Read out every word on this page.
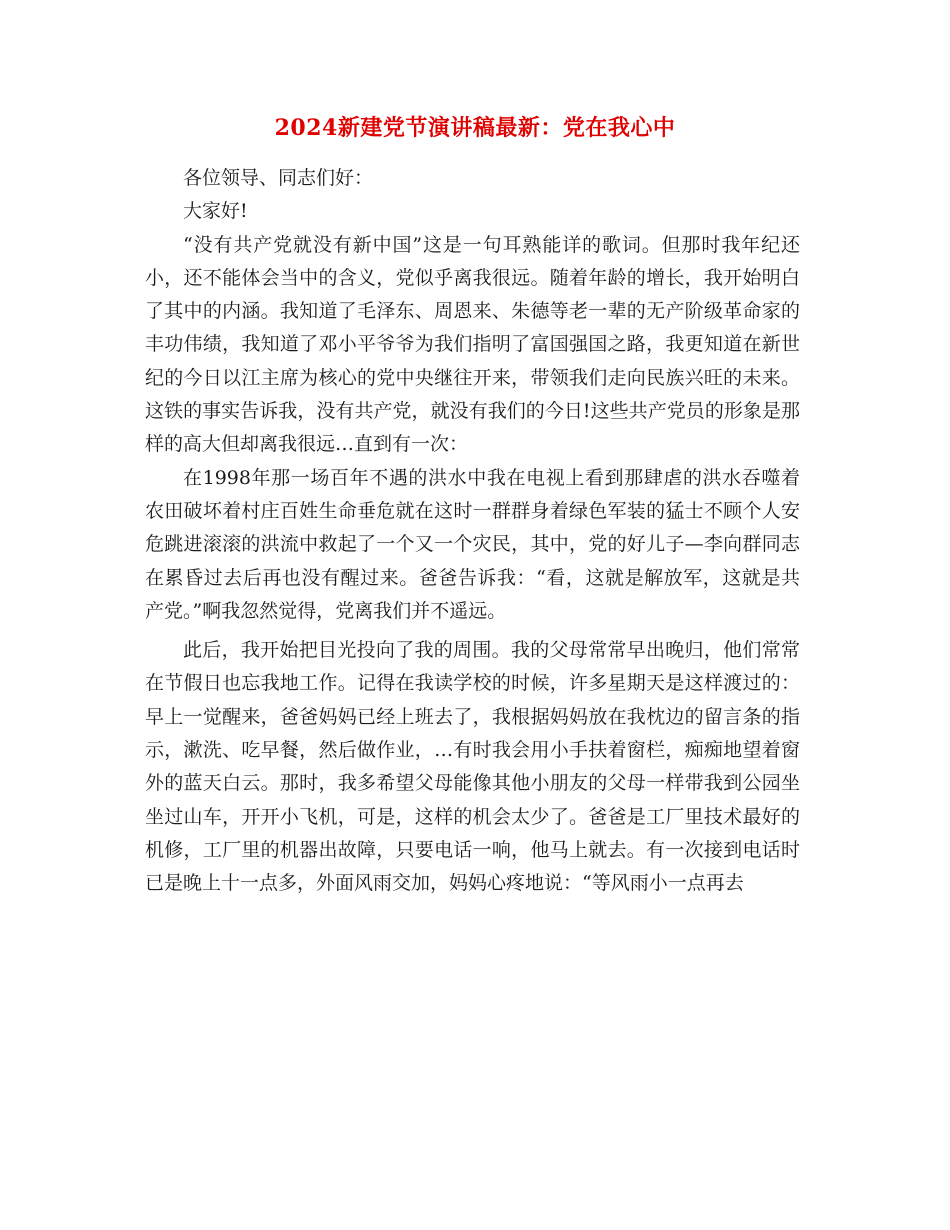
2024新建党节演讲稿最新：党在我心中

各位领导、同志们好：

大家好!

“没有共产党就没有新中国”这是一句耳熟能详的歌词。但那时我年纪还小，还不能体会当中的含义，党似乎离我很远。随着年龄的增长，我开始明白了其中的内涵。我知道了毛泽东、周恩来、朱德等老一辈的无产阶级革命家的丰功伟绩，我知道了邓小平爷爷为我们指明了富国强国之路，我更知道在新世纪的今日以江主席为核心的党中央继往开来，带领我们走向民族兴旺的未来。这铁的事实告诉我，没有共产党，就没有我们的今日!这些共产党员的形象是那样的高大但却离我很远…直到有一次：

在1998年那一场百年不遇的洪水中我在电视上看到那肆虐的洪水吞噬着农田破坏着村庄百姓生命垂危就在这时一群群身着绿色军装的猛士不顾个人安危跳进滚滚的洪流中救起了一个又一个灾民，其中，党的好儿子—李向群同志在累昏过去后再也没有醒过来。爸爸告诉我：“看，这就是解放军，这就是共产党。”啊我忽然觉得，党离我们并不遥远。

此后，我开始把目光投向了我的周围。我的父母常常早出晚归，他们常常在节假日也忘我地工作。记得在我读学校的时候，许多星期天是这样渡过的：早上一觉醒来，爸爸妈妈已经上班去了，我根据妈妈放在我枕边的留言条的指示，漱洗、吃早餐，然后做作业，…有时我会用小手扶着窗栏，痴痴地望着窗外的蓝天白云。那时，我多希望父母能像其他小朋友的父母一样带我到公园坐坐过山车，开开小飞机，可是，这样的机会太少了。爸爸是工厂里技术最好的机修，工厂里的机器出故障，只要电话一响，他马上就去。有一次接到电话时已是晚上十一点多，外面风雨交加，妈妈心疼地说：“等风雨小一点再去
